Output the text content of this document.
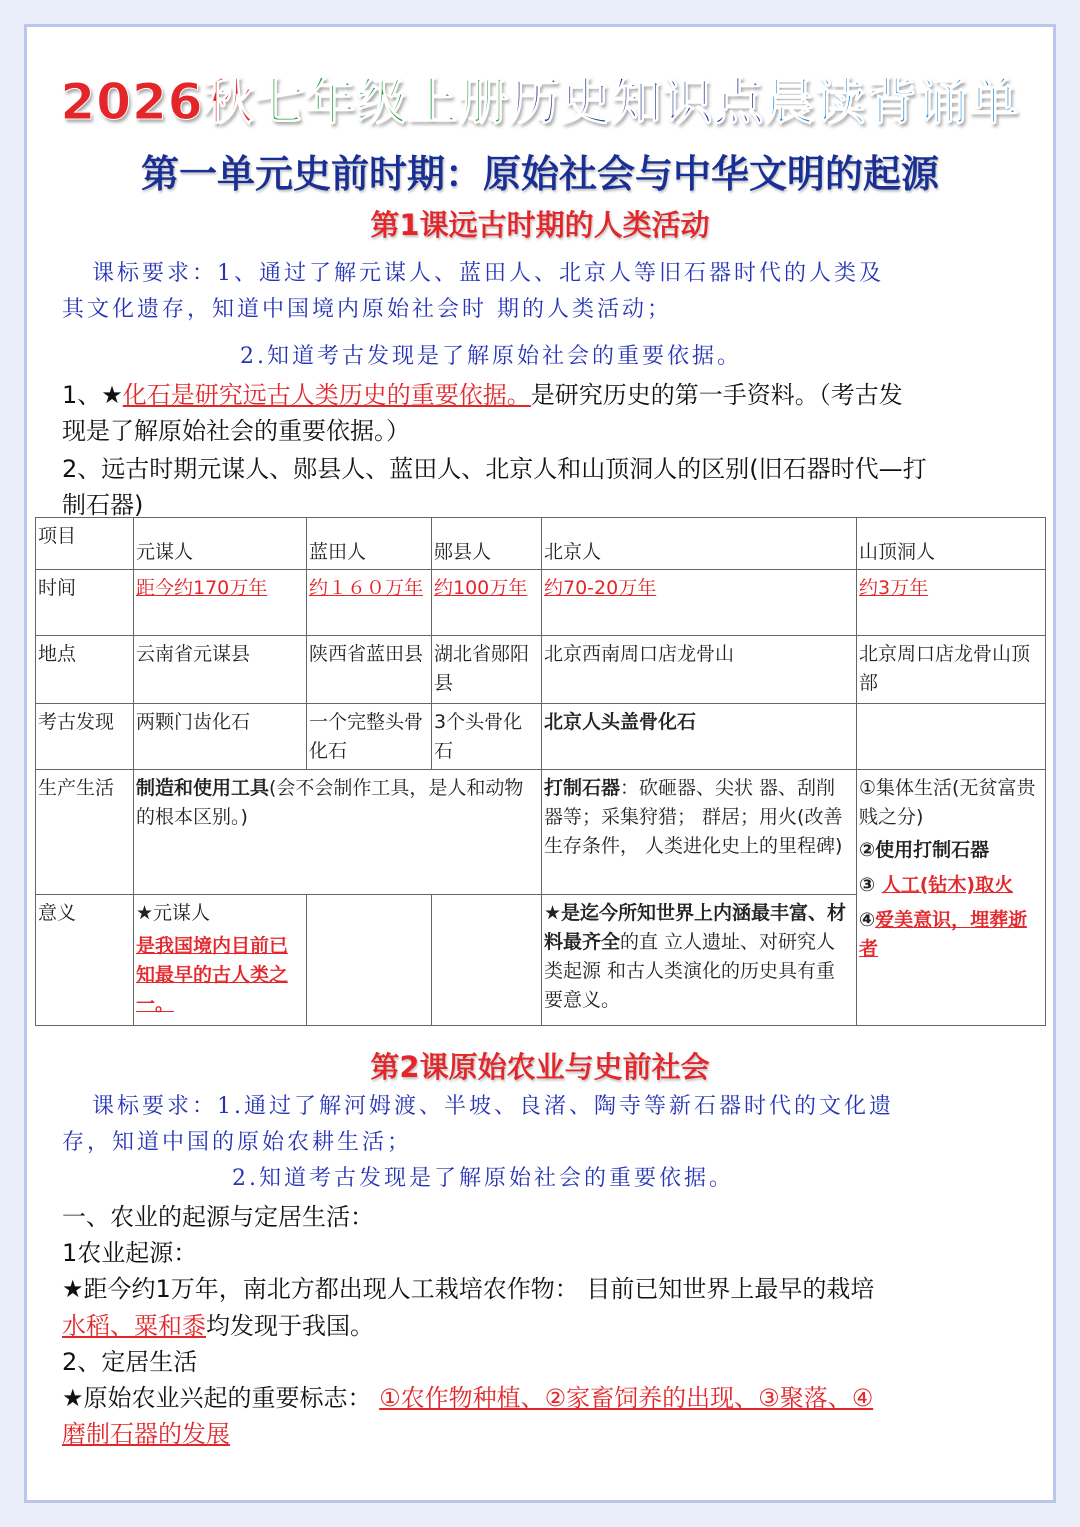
2026秋七年级上册历史知识点晨读背诵单
第一单元史前时期：原始社会与中华文明的起源
第1课远古时期的人类活动
课标要求：1、通过了解元谋人、蓝田人、北京人等旧石器时代的人类及
其文化遗存，知道中国境内原始社会时 期的人类活动；
2.知道考古发现是了解原始社会的重要依据。
1、★化石是研究远古人类历史的重要依据。是研究历史的第一手资料。（考古发
现是了解原始社会的重要依据。）
2、远古时期元谋人、郧县人、蓝田人、北京人和山顶洞人的区别(旧石器时代—打
制石器)
项目	元谋人	蓝田人	郧县人	北京人	山顶洞人

时间	距今约170万年	约１６０万年	约100万年	约70-20万年	约3万年
地点	云南省元谋县	陕西省蓝田县	湖北省郧阳县	北京西南周口店龙骨山	北京周口店龙骨山顶部
考古发现	两颗门齿化石	一个完整头骨化石	3个头骨化石	北京人头盖骨化石	
生产生活	制造和使用工具(会不会制作工具，是人和动物的根本区别。)			打制石器：砍砸器、尖状 器、刮削器等；采集狩猎； 群居；用火(改善生存条件， 人类进化史上的里程碑)	①集体生活(无贫富贵贱之分)
②使用打制石器
③ 人工(钻木)取火
④爱美意识，埋葬逝者

意义	★元谋人
是我国境内目前已知最早的古人类之一。			★是迄今所知世界上内涵最丰富、材料最齐全的直 立人遗址、对研究人类起源 和古人类演化的历史具有重 要意义。	
第2课原始农业与史前社会
课标要求：1.通过了解河姆渡、半坡、良渚、陶寺等新石器时代的文化遗
存，知道中国的原始农耕生活；
2.知道考古发现是了解原始社会的重要依据。
一、农业的起源与定居生活：
1农业起源：
★距今约1万年，南北方都出现人工栽培农作物： 目前已知世界上最早的栽培
水稻、粟和黍均发现于我国。
2、定居生活
★原始农业兴起的重要标志： ①农作物种植、②家畜饲养的出现、③聚落、④
磨制石器的发展
